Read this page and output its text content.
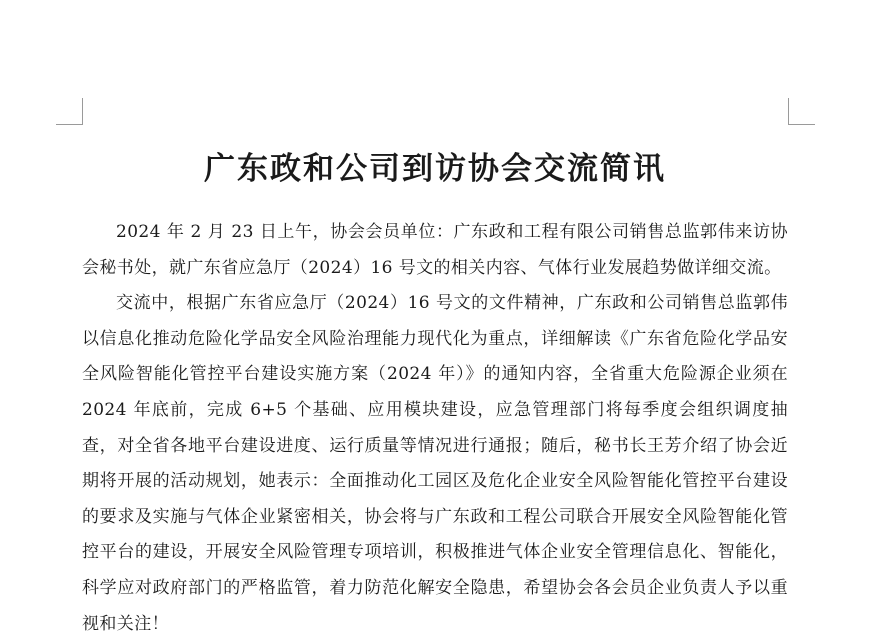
广东政和公司到访协会交流简讯

2024 年 2 月 23 日上午，协会会员单位：广东政和工程有限公司销售总监郭伟来访协会秘书处，就广东省应急厅（2024）16 号文的相关内容、气体行业发展趋势做详细交流。

交流中，根据广东省应急厅（2024）16 号文的文件精神，广东政和公司销售总监郭伟以信息化推动危险化学品安全风险治理能力现代化为重点，详细解读《广东省危险化学品安全风险智能化管控平台建设实施方案（2024 年）》的通知内容，全省重大危险源企业须在 2024 年底前，完成 6+5 个基础、应用模块建设，应急管理部门将每季度会组织调度抽查，对全省各地平台建设进度、运行质量等情况进行通报；随后，秘书长王芳介绍了协会近期将开展的活动规划，她表示：全面推动化工园区及危化企业安全风险智能化管控平台建设的要求及实施与气体企业紧密相关，协会将与广东政和工程公司联合开展安全风险智能化管控平台的建设，开展安全风险管理专项培训，积极推进气体企业安全管理信息化、智能化，科学应对政府部门的严格监管，着力防范化解安全隐患，希望协会各会员企业负责人予以重视和关注！
